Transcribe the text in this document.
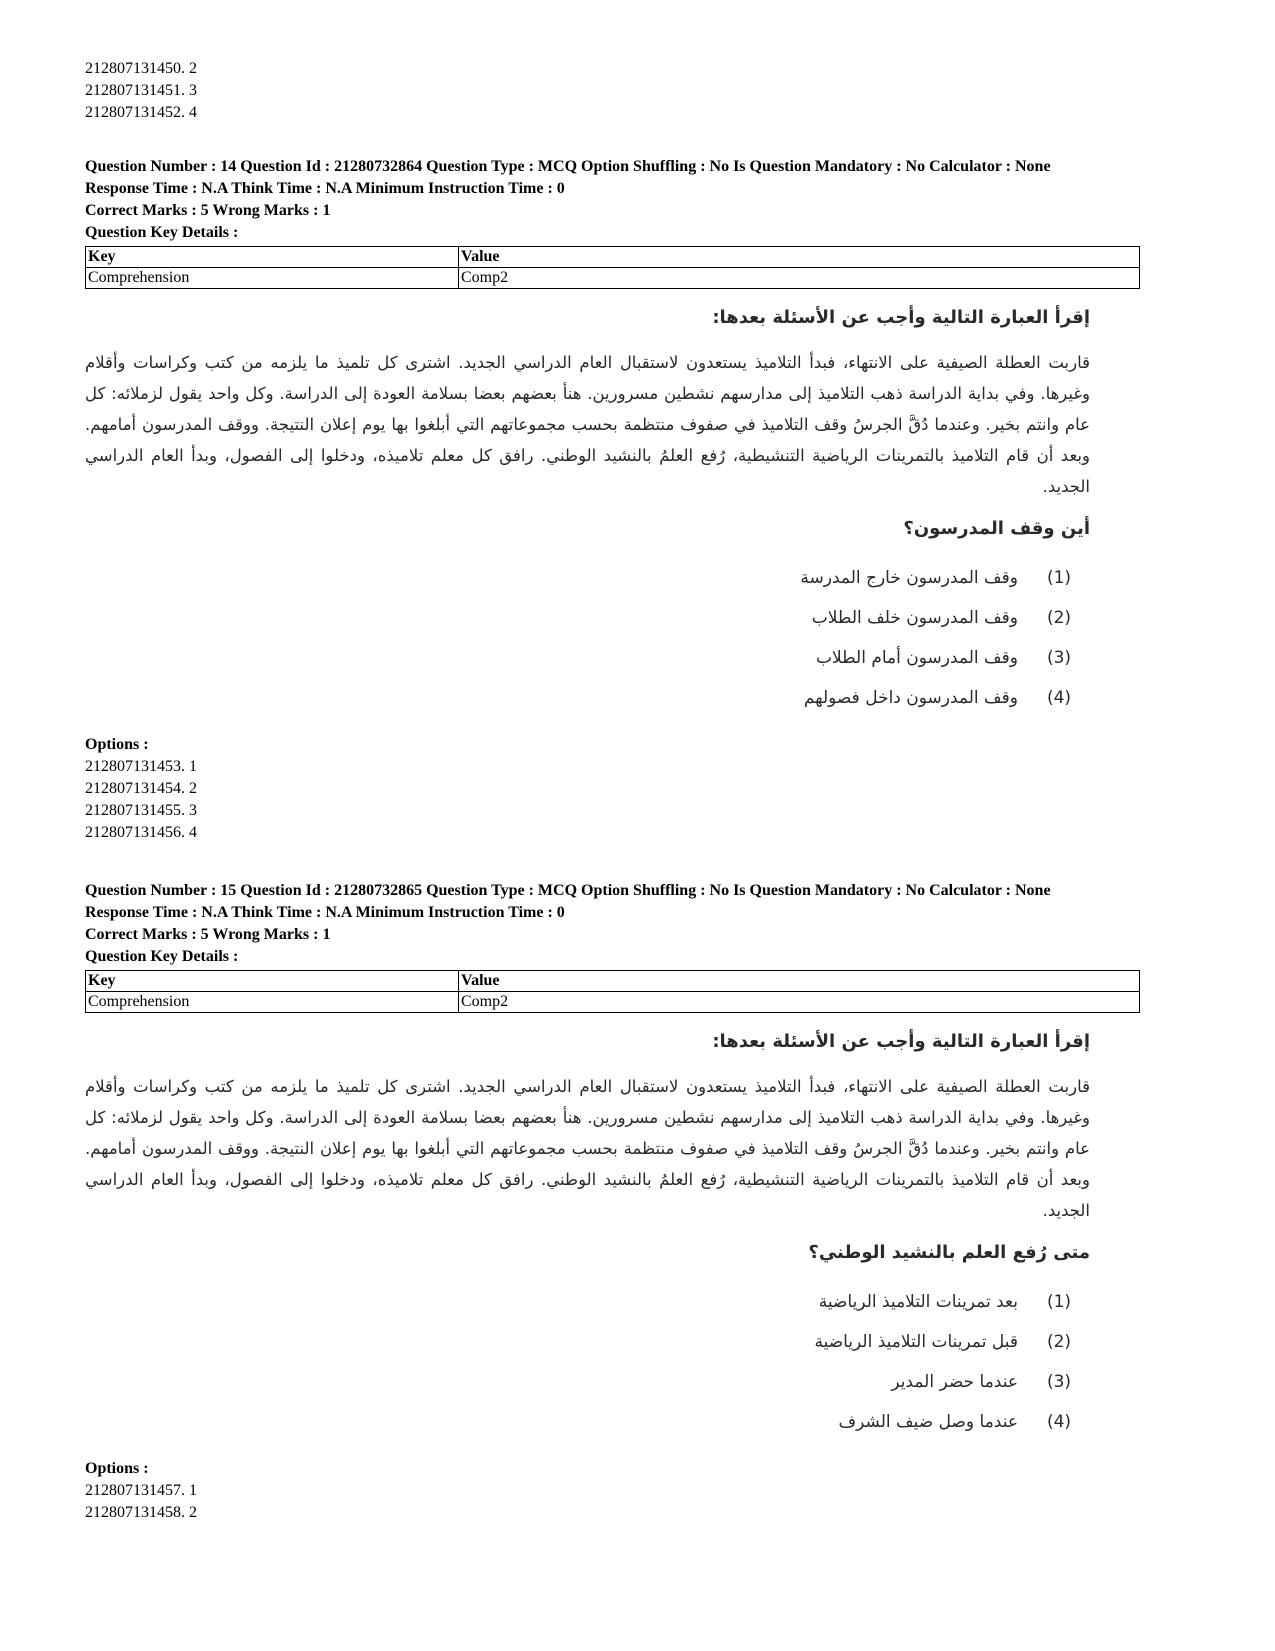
212807131450. 2
212807131451. 3
212807131452. 4
Question Number : 14 Question Id : 21280732864 Question Type : MCQ Option Shuffling : No Is Question Mandatory : No Calculator : None
Response Time : N.A Think Time : N.A Minimum Instruction Time : 0
Correct Marks : 5 Wrong Marks : 1
Question Key Details :
Key	Value
Comprehension	Comp2
إقرأ العبارة التالية وأجب عن الأسئلة بعدها:

قاربت العطلة الصيفية على الانتهاء، فبدأ التلاميذ يستعدون لاستقبال العام الدراسي الجديد. اشترى كل تلميذ ما يلزمه من كتب وكراسات وأقلام وغيرها. وفي بداية الدراسة ذهب التلاميذ إلى مدارسهم نشطين مسرورين. هنأ بعضهم بعضا بسلامة العودة إلى الدراسة. وكل واحد يقول لزملائه: كل عام وانتم بخير. وعندما دُقَّ الجرسُ وقف التلاميذ في صفوف منتظمة بحسب مجموعاتهم التي أبلغوا بها يوم إعلان النتيجة. ووقف المدرسون أمامهم. وبعد أن قام التلاميذ بالتمرينات الرياضية التنشيطية، رُفع العلمُ بالنشيد الوطني. رافق كل معلم تلاميذه، ودخلوا إلى الفصول، وبدأ العام الدراسي الجديد.

أين وقف المدرسون؟
(1)
وقف المدرسون خارج المدرسة
(2)
وقف المدرسون خلف الطلاب
(3)
وقف المدرسون أمام الطلاب
(4)
وقف المدرسون داخل فصولهم
Options :
212807131453. 1
212807131454. 2
212807131455. 3
212807131456. 4
Question Number : 15 Question Id : 21280732865 Question Type : MCQ Option Shuffling : No Is Question Mandatory : No Calculator : None
Response Time : N.A Think Time : N.A Minimum Instruction Time : 0
Correct Marks : 5 Wrong Marks : 1
Question Key Details :
Key	Value
Comprehension	Comp2
إقرأ العبارة التالية وأجب عن الأسئلة بعدها:

قاربت العطلة الصيفية على الانتهاء، فبدأ التلاميذ يستعدون لاستقبال العام الدراسي الجديد. اشترى كل تلميذ ما يلزمه من كتب وكراسات وأقلام وغيرها. وفي بداية الدراسة ذهب التلاميذ إلى مدارسهم نشطين مسرورين. هنأ بعضهم بعضا بسلامة العودة إلى الدراسة. وكل واحد يقول لزملائه: كل عام وانتم بخير. وعندما دُقَّ الجرسُ وقف التلاميذ في صفوف منتظمة بحسب مجموعاتهم التي أبلغوا بها يوم إعلان النتيجة. ووقف المدرسون أمامهم. وبعد أن قام التلاميذ بالتمرينات الرياضية التنشيطية، رُفع العلمُ بالنشيد الوطني. رافق كل معلم تلاميذه، ودخلوا إلى الفصول، وبدأ العام الدراسي الجديد.

متى رُفع العلم بالنشيد الوطني؟
(1)
بعد تمرينات التلاميذ الرياضية
(2)
قبل تمرينات التلاميذ الرياضية
(3)
عندما حضر المدير
(4)
عندما وصل ضيف الشرف
Options :
212807131457. 1
212807131458. 2
